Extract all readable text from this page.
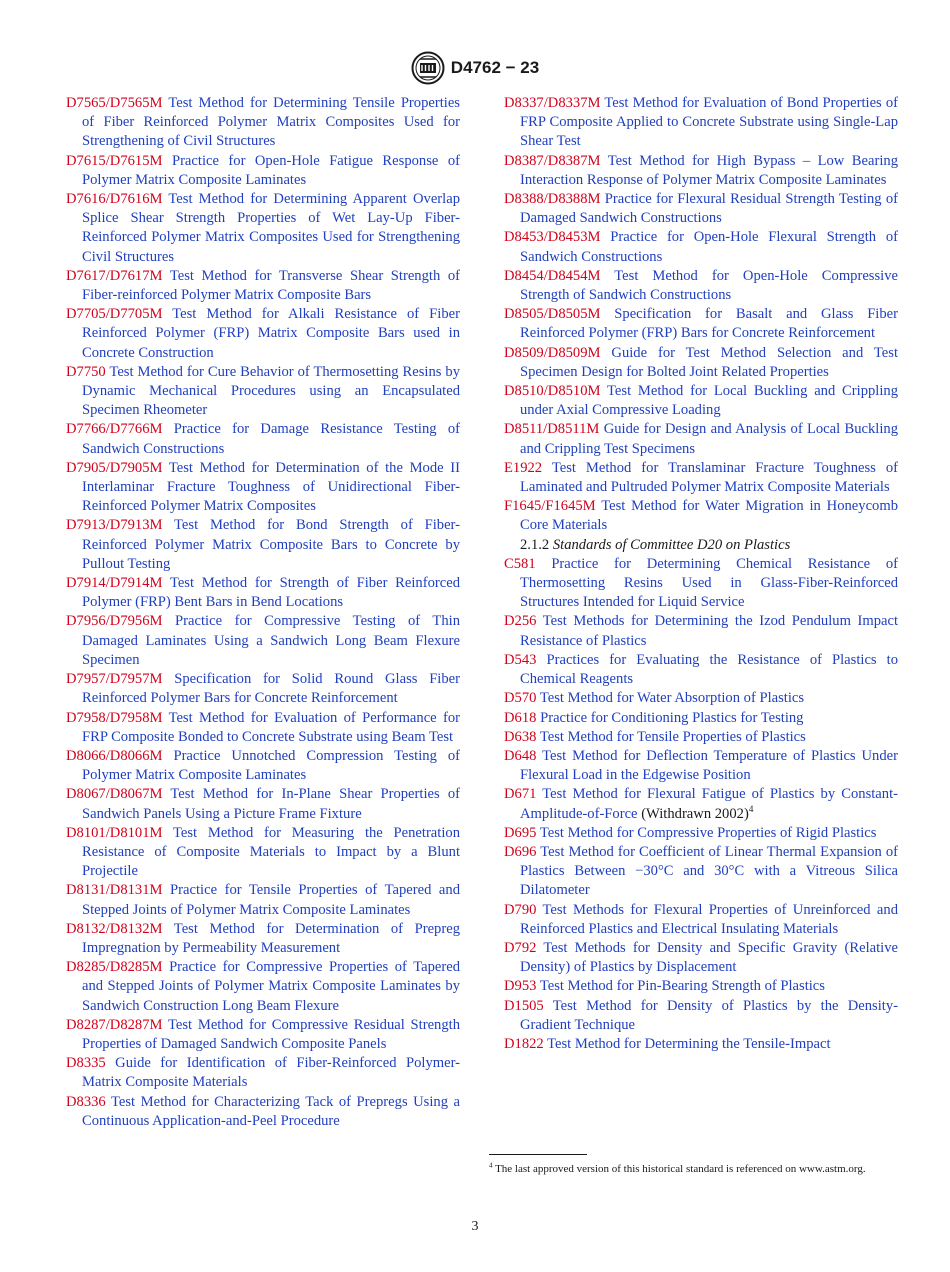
D4762 − 23

D7565/D7565M Test Method for Determining Tensile Properties of Fiber Reinforced Polymer Matrix Composites Used for Strengthening of Civil Structures

D7615/D7615M Practice for Open-Hole Fatigue Response of Polymer Matrix Composite Laminates

D7616/D7616M Test Method for Determining Apparent Overlap Splice Shear Strength Properties of Wet Lay-Up Fiber-Reinforced Polymer Matrix Composites Used for Strengthening Civil Structures

D7617/D7617M Test Method for Transverse Shear Strength of Fiber-reinforced Polymer Matrix Composite Bars

D7705/D7705M Test Method for Alkali Resistance of Fiber Reinforced Polymer (FRP) Matrix Composite Bars used in Concrete Construction

D7750 Test Method for Cure Behavior of Thermosetting Resins by Dynamic Mechanical Procedures using an Encapsulated Specimen Rheometer

D7766/D7766M Practice for Damage Resistance Testing of Sandwich Constructions

D7905/D7905M Test Method for Determination of the Mode II Interlaminar Fracture Toughness of Unidirectional Fiber-Reinforced Polymer Matrix Composites

D7913/D7913M Test Method for Bond Strength of Fiber-Reinforced Polymer Matrix Composite Bars to Concrete by Pullout Testing

D7914/D7914M Test Method for Strength of Fiber Reinforced Polymer (FRP) Bent Bars in Bend Locations

D7956/D7956M Practice for Compressive Testing of Thin Damaged Laminates Using a Sandwich Long Beam Flexure Specimen

D7957/D7957M Specification for Solid Round Glass Fiber Reinforced Polymer Bars for Concrete Reinforcement

D7958/D7958M Test Method for Evaluation of Performance for FRP Composite Bonded to Concrete Substrate using Beam Test

D8066/D8066M Practice Unnotched Compression Testing of Polymer Matrix Composite Laminates

D8067/D8067M Test Method for In-Plane Shear Properties of Sandwich Panels Using a Picture Frame Fixture

D8101/D8101M Test Method for Measuring the Penetration Resistance of Composite Materials to Impact by a Blunt Projectile

D8131/D8131M Practice for Tensile Properties of Tapered and Stepped Joints of Polymer Matrix Composite Laminates

D8132/D8132M Test Method for Determination of Prepreg Impregnation by Permeability Measurement

D8285/D8285M Practice for Compressive Properties of Tapered and Stepped Joints of Polymer Matrix Composite Laminates by Sandwich Construction Long Beam Flexure

D8287/D8287M Test Method for Compressive Residual Strength Properties of Damaged Sandwich Composite Panels

D8335 Guide for Identification of Fiber-Reinforced Polymer-Matrix Composite Materials

D8336 Test Method for Characterizing Tack of Prepregs Using a Continuous Application-and-Peel Procedure

D8337/D8337M Test Method for Evaluation of Bond Properties of FRP Composite Applied to Concrete Substrate using Single-Lap Shear Test

D8387/D8387M Test Method for High Bypass – Low Bearing Interaction Response of Polymer Matrix Composite Laminates

D8388/D8388M Practice for Flexural Residual Strength Testing of Damaged Sandwich Constructions

D8453/D8453M Practice for Open-Hole Flexural Strength of Sandwich Constructions

D8454/D8454M Test Method for Open-Hole Compressive Strength of Sandwich Constructions

D8505/D8505M Specification for Basalt and Glass Fiber Reinforced Polymer (FRP) Bars for Concrete Reinforcement

D8509/D8509M Guide for Test Method Selection and Test Specimen Design for Bolted Joint Related Properties

D8510/D8510M Test Method for Local Buckling and Crippling under Axial Compressive Loading

D8511/D8511M Guide for Design and Analysis of Local Buckling and Crippling Test Specimens

E1922 Test Method for Translaminar Fracture Toughness of Laminated and Pultruded Polymer Matrix Composite Materials

F1645/F1645M Test Method for Water Migration in Honeycomb Core Materials

2.1.2 Standards of Committee D20 on Plastics

C581 Practice for Determining Chemical Resistance of Thermosetting Resins Used in Glass-Fiber-Reinforced Structures Intended for Liquid Service

D256 Test Methods for Determining the Izod Pendulum Impact Resistance of Plastics

D543 Practices for Evaluating the Resistance of Plastics to Chemical Reagents

D570 Test Method for Water Absorption of Plastics

D618 Practice for Conditioning Plastics for Testing

D638 Test Method for Tensile Properties of Plastics

D648 Test Method for Deflection Temperature of Plastics Under Flexural Load in the Edgewise Position

D671 Test Method for Flexural Fatigue of Plastics by Constant-Amplitude-of-Force (Withdrawn 2002)$^4$

D695 Test Method for Compressive Properties of Rigid Plastics

D696 Test Method for Coefficient of Linear Thermal Expansion of Plastics Between −30°C and 30°C with a Vitreous Silica Dilatometer

D790 Test Methods for Flexural Properties of Unreinforced and Reinforced Plastics and Electrical Insulating Materials

D792 Test Methods for Density and Specific Gravity (Relative Density) of Plastics by Displacement

D953 Test Method for Pin-Bearing Strength of Plastics

D1505 Test Method for Density of Plastics by the Density-Gradient Technique

D1822 Test Method for Determining the Tensile-Impact

$^4$ The last approved version of this historical standard is referenced on www.astm.org.
3
